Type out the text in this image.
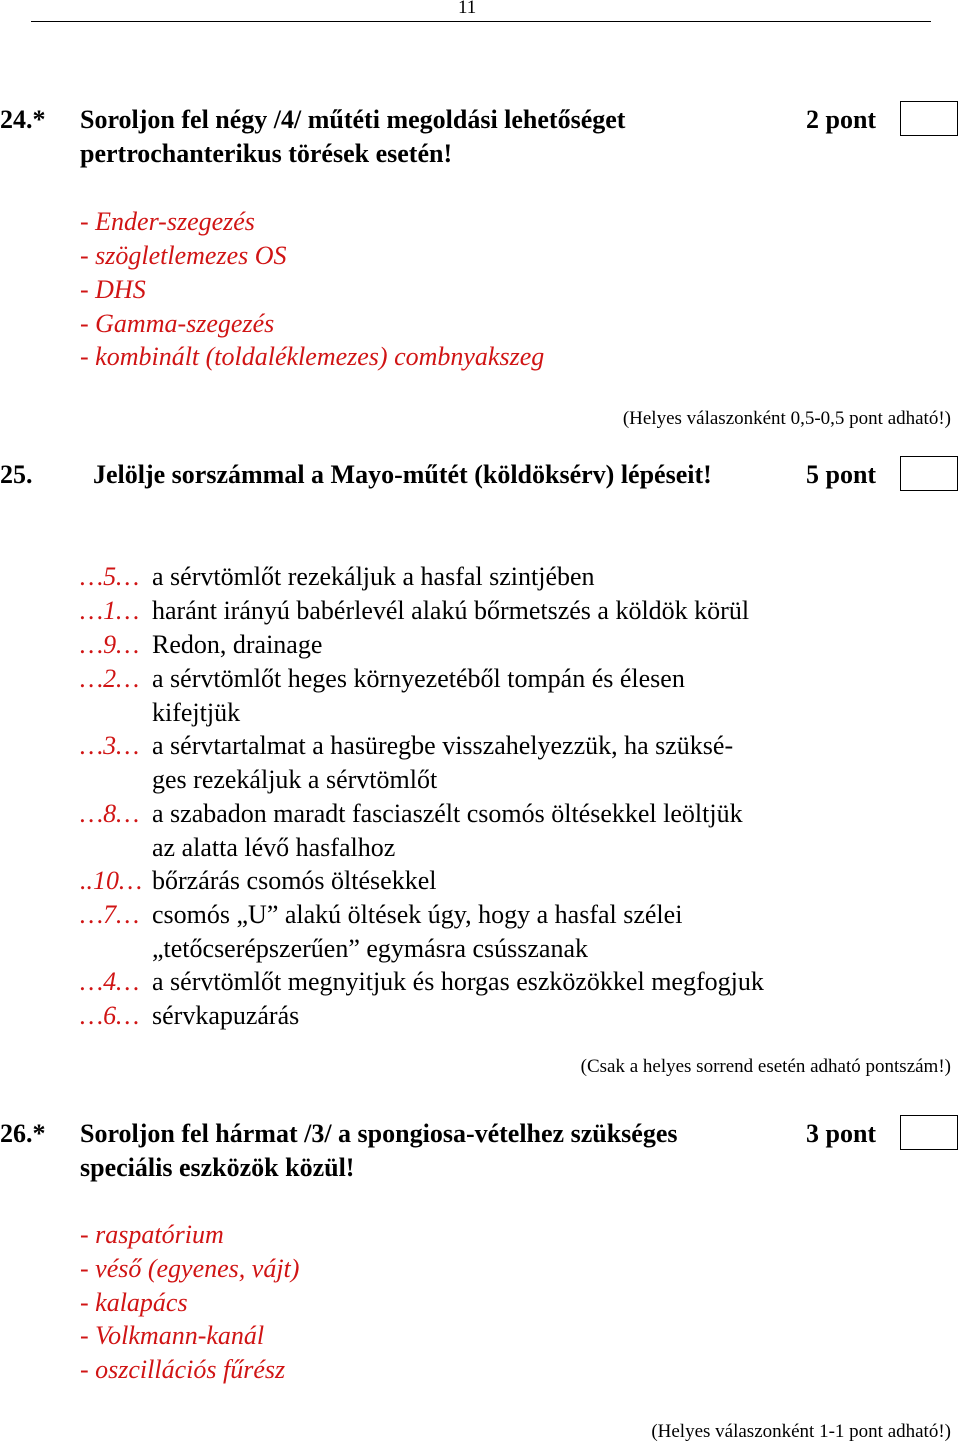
11
24.* Soroljon fel négy /4/ műtéti megoldási lehetőséget
pertrochanterikus törések esetén!
2 pont
- Ender-szegezés
- szögletlemezes OS
- DHS
- Gamma-szegezés
- kombinált (toldaléklemezes) combnyakszeg
(Helyes válaszonként 0,5-0,5 pont adható!)
25. Jelölje sorszámmal a Mayo-műtét (köldöksérv) lépéseit!	5 pont
…5… a sérvtömlőt rezekáljuk a hasfal szintjében
…1… haránt irányú babérlevél alakú bőrmetszés a köldök körül
…9… Redon, drainage
…2… a sérvtömlőt heges környezetéből tompán és élesen
kifejtjük
…3… a sérvtartalmat a hasüregbe visszahelyezzük, ha szüksé-
ges rezekáljuk a sérvtömlőt
…8… a szabadon maradt fasciaszélt csomós öltésekkel leöltjük
az alatta lévő hasfalhoz
..10… bőrzárás csomós öltésekkel
…7… csomós „U” alakú öltések úgy, hogy a hasfal szélei
„tetőcserépszerűen” egymásra csússzanak
…4… a sérvtömlőt megnyitjuk és horgas eszközökkel megfogjuk
…6… sérvkapuzárás
(Csak a helyes sorrend esetén adható pontszám!)
26.* Soroljon fel hármat /3/ a spongiosa-vételhez szükséges
speciális eszközök közül!
3 pont
- raspatórium
- véső (egyenes, vájt)
- kalapács
- Volkmann-kanál
- oszcillációs fűrész
(Helyes válaszonként 1-1 pont adható!)
